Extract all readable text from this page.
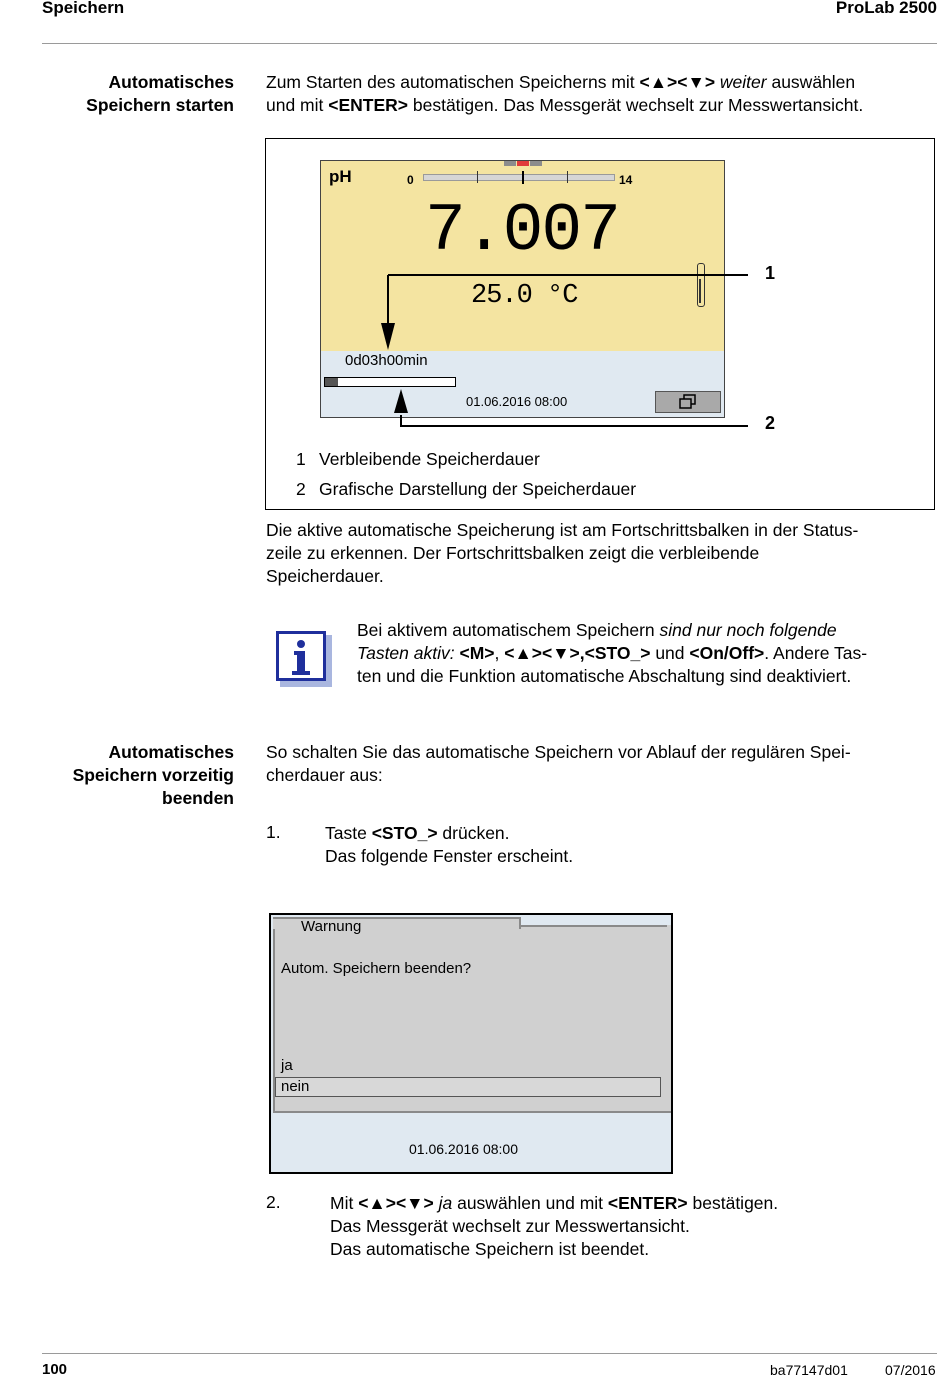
Speichern	ProLab 2500
Automatisches
Speichern starten
Zum Starten des automatischen Speicherns mit <▲><▼> weiter auswählen
und mit <ENTER> bestätigen. Das Messgerät wechselt zur Messwertansicht.
pH	0	14
7.007
25.0 °C
0d03h00min
01.06.2016 08:00
1
2
1 Verbleibende Speicherdauer
2 Grafische Darstellung der Speicherdauer
Die aktive automatische Speicherung ist am Fortschrittsbalken in der Status-
zeile zu erkennen. Der Fortschrittsbalken zeigt die verbleibende
Speicherdauer.
Bei aktivem automatischem Speichern sind nur noch folgende
Tasten aktiv: <M>, <▲><▼>,<STO_> und <On/Off>. Andere Tas-
ten und die Funktion automatische Abschaltung sind deaktiviert.
Automatisches
Speichern vorzeitig
beenden
So schalten Sie das automatische Speichern vor Ablauf der regulären Spei-
cherdauer aus:
1.	Taste <STO_> drücken.
Das folgende Fenster erscheint.
Warnung
Autom. Speichern beenden?
ja
nein
01.06.2016 08:00
2.	Mit <▲><▼> ja auswählen und mit <ENTER> bestätigen.
Das Messgerät wechselt zur Messwertansicht.
Das automatische Speichern ist beendet.
100	ba77147d01	07/2016
